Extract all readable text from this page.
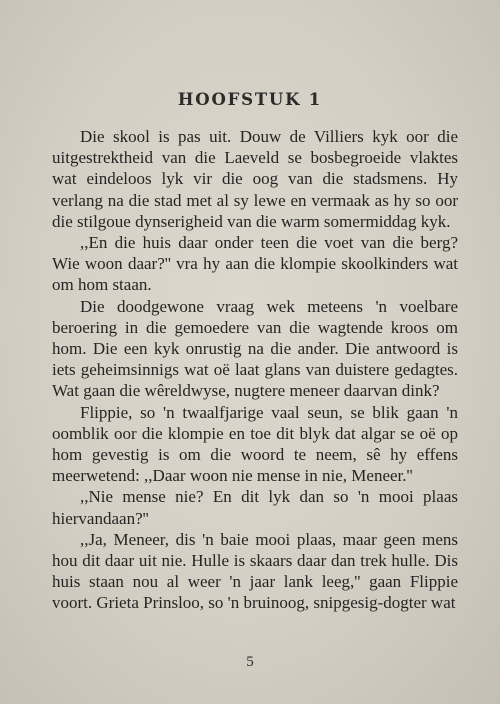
HOOFSTUK 1

Die skool is pas uit. Douw de Villiers kyk oor die uitgestrektheid van die Laeveld se bosbegroeide vlaktes wat eindeloos lyk vir die oog van die stadsmens. Hy verlang na die stad met al sy lewe en vermaak as hy so oor die stilgoue dynserigheid van die warm somermiddag kyk.

,,En die huis daar onder teen die voet van die berg? Wie woon daar?'' vra hy aan die klompie skoolkinders wat om hom staan.

Die doodgewone vraag wek meteens 'n voelbare beroering in die gemoedere van die wagtende kroos om hom. Die een kyk onrustig na die ander. Die antwoord is iets geheimsinnigs wat oë laat glans van duistere gedagtes. Wat gaan die wêreldwyse, nugtere meneer daarvan dink?

Flippie, so 'n twaalfjarige vaal seun, se blik gaan 'n oomblik oor die klompie en toe dit blyk dat algar se oë op hom gevestig is om die woord te neem, sê hy effens meerwetend: ,,Daar woon nie mense in nie, Meneer.''

,,Nie mense nie? En dit lyk dan so 'n mooi plaas hiervandaan?''

,,Ja, Meneer, dis 'n baie mooi plaas, maar geen mens hou dit daar uit nie. Hulle is skaars daar dan trek hulle. Dis huis staan nou al weer 'n jaar lank leeg,'' gaan Flippie voort. Grieta Prinsloo, so 'n bruinoog, snipgesig-dogter wat

5
